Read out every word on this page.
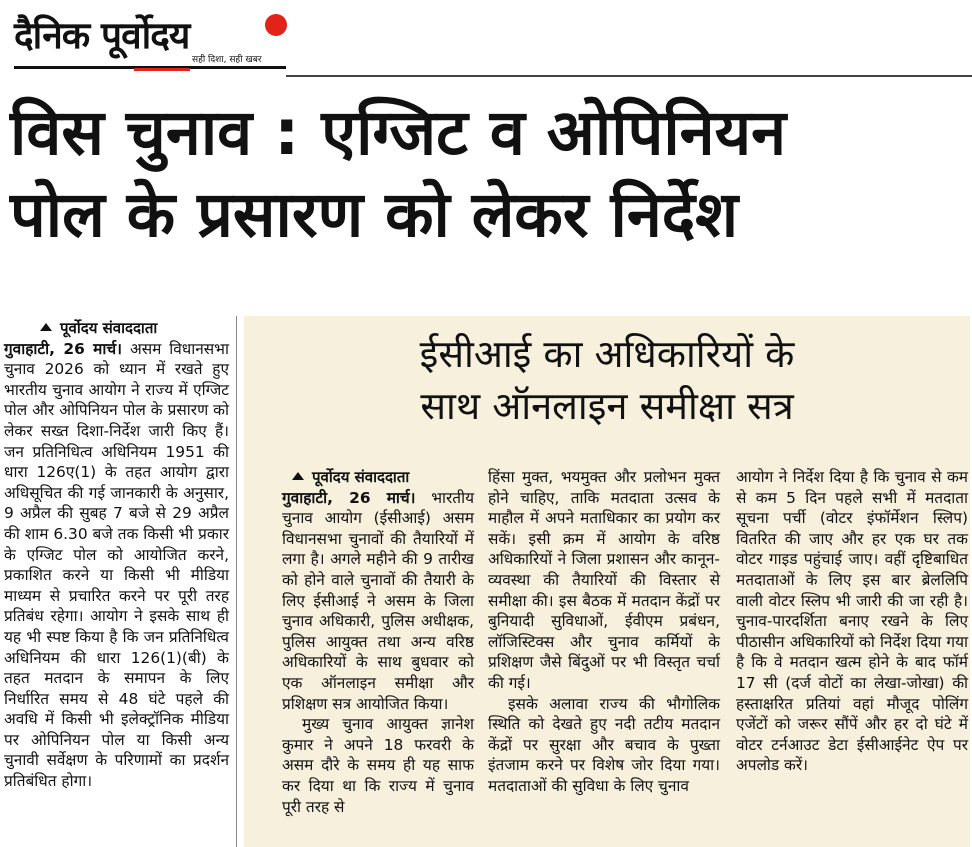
दैनिक पूर्वोदय
सही दिशा, सही खबर
विस चुनाव : एग्जिट व ओपिनियन
पोल के प्रसारण को लेकर निर्देश
पूर्वोदय संवाददाता

गुवाहाटी, 26 मार्च। असम विधानसभा चुनाव 2026 को ध्यान में रखते हुए भारतीय चुनाव आयोग ने राज्य में एग्जिट पोल और ओपिनियन पोल के प्रसारण को लेकर सख्त दिशा-निर्देश जारी किए हैं। जन प्रतिनिधित्व अधिनियम 1951 की धारा 126ए(1) के तहत आयोग द्वारा अधिसूचित की गई जानकारी के अनुसार, 9 अप्रैल की सुबह 7 बजे से 29 अप्रैल की शाम 6.30 बजे तक किसी भी प्रकार के एग्जिट पोल को आयोजित करने, प्रकाशित करने या किसी भी मीडिया माध्यम से प्रचारित करने पर पूरी तरह प्रतिबंध रहेगा। आयोग ने इसके साथ ही यह भी स्पष्ट किया है कि जन प्रतिनिधित्व अधिनियम की धारा 126(1)(बी) के तहत मतदान के समापन के लिए निर्धारित समय से 48 घंटे पहले की अवधि में किसी भी इलेक्ट्रॉनिक मीडिया पर ओपिनियन पोल या किसी अन्य चुनावी सर्वेक्षण के परिणामों का प्रदर्शन प्रतिबंधित होगा।

ईसीआई का अधिकारियों के
साथ ऑनलाइन समीक्षा सत्र
पूर्वोदय संवाददाता

गुवाहाटी, 26 मार्च। भारतीय चुनाव आयोग (ईसीआई) असम विधानसभा चुनावों की तैयारियों में लगा है। अगले महीने की 9 तारीख को होने वाले चुनावों की तैयारी के लिए ईसीआई ने असम के जिला चुनाव अधिकारी, पुलिस अधीक्षक, पुलिस आयुक्त तथा अन्य वरिष्ठ अधिकारियों के साथ बुधवार को एक ऑनलाइन समीक्षा और प्रशिक्षण सत्र आयोजित किया।

मुख्य चुनाव आयुक्त ज्ञानेश कुमार ने अपने 18 फरवरी के असम दौरे के समय ही यह साफ कर दिया था कि राज्य में चुनाव पूरी तरह से

हिंसा मुक्त, भयमुक्त और प्रलोभन मुक्त होने चाहिए, ताकि मतदाता उत्सव के माहौल में अपने मताधिकार का प्रयोग कर सकें। इसी क्रम में आयोग के वरिष्ठ अधिकारियों ने जिला प्रशासन और कानून-व्यवस्था की तैयारियों की विस्तार से समीक्षा की। इस बैठक में मतदान केंद्रों पर बुनियादी सुविधाओं, ईवीएम प्रबंधन, लॉजिस्टिक्स और चुनाव कर्मियों के प्रशिक्षण जैसे बिंदुओं पर भी विस्तृत चर्चा की गई।

इसके अलावा राज्य की भौगोलिक स्थिति को देखते हुए नदी तटीय मतदान केंद्रों पर सुरक्षा और बचाव के पुख्ता इंतजाम करने पर विशेष जोर दिया गया। मतदाताओं की सुविधा के लिए चुनाव

आयोग ने निर्देश दिया है कि चुनाव से कम से कम 5 दिन पहले सभी में मतदाता सूचना पर्ची (वोटर इंफॉर्मेशन स्लिप) वितरित की जाए और हर एक घर तक वोटर गाइड पहुंचाई जाए। वहीं दृष्टिबाधित मतदाताओं के लिए इस बार ब्रेललिपि वाली वोटर स्लिप भी जारी की जा रही है। चुनाव-पारदर्शिता बनाए रखने के लिए पीठासीन अधिकारियों को निर्देश दिया गया है कि वे मतदान खत्म होने के बाद फॉर्म 17 सी (दर्ज वोटों का लेखा-जोखा) की हस्ताक्षरित प्रतियां वहां मौजूद पोलिंग एजेंटों को जरूर सौंपें और हर दो घंटे में वोटर टर्नआउट डेटा ईसीआईनेट ऐप पर अपलोड करें।
